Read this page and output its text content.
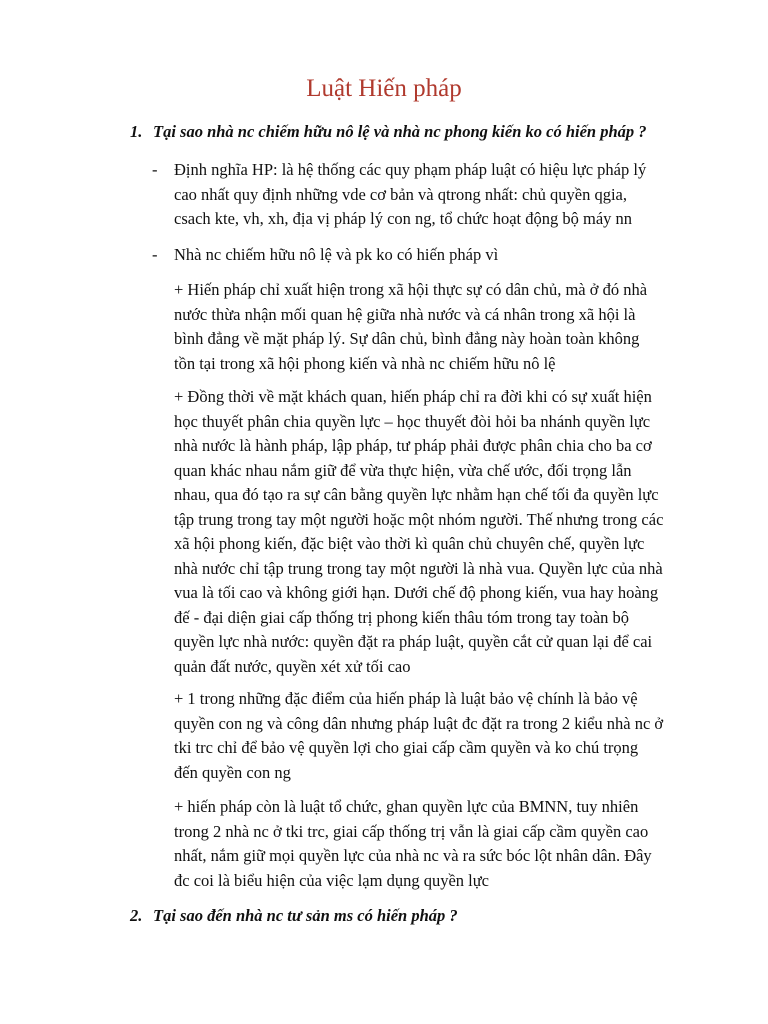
Luật Hiến pháp
1. Tại sao nhà nc chiếm hữu nô lệ và nhà nc phong kiến ko có hiến pháp ?
- Định nghĩa HP: là hệ thống các quy phạm pháp luật có hiệu lực pháp lý
cao nhất quy định những vde cơ bản và qtrong nhất: chủ quyền qgia,
csach kte, vh, xh, địa vị pháp lý con ng, tổ chức hoạt động bộ máy nn
- Nhà nc chiếm hữu nô lệ và pk ko có hiến pháp vì
+ Hiến pháp chỉ xuất hiện trong xã hội thực sự có dân chủ, mà ở đó nhà
nước thừa nhận mối quan hệ giữa nhà nước và cá nhân trong xã hội là
bình đẳng về mặt pháp lý. Sự dân chủ, bình đẳng này hoàn toàn không
tồn tại trong xã hội phong kiến và nhà nc chiếm hữu nô lệ
+ Đồng thời về mặt khách quan, hiến pháp chỉ ra đời khi có sự xuất hiện
học thuyết phân chia quyền lực – học thuyết đòi hỏi ba nhánh quyền lực
nhà nước là hành pháp, lập pháp, tư pháp phải được phân chia cho ba cơ
quan khác nhau nắm giữ để vừa thực hiện, vừa chế ước, đối trọng lẫn
nhau, qua đó tạo ra sự cân bằng quyền lực nhằm hạn chế tối đa quyền lực
tập trung trong tay một người hoặc một nhóm người. Thế nhưng trong các
xã hội phong kiến, đặc biệt vào thời kì quân chủ chuyên chế, quyền lực
nhà nước chỉ tập trung trong tay một người là nhà vua. Quyền lực của nhà
vua là tối cao và không giới hạn. Dưới chế độ phong kiến, vua hay hoàng
đế - đại diện giai cấp thống trị phong kiến thâu tóm trong tay toàn bộ
quyền lực nhà nước: quyền đặt ra pháp luật, quyền cắt cử quan lại để cai
quản đất nước, quyền xét xử tối cao
+ 1 trong những đặc điểm của hiến pháp là luật bảo vệ chính là bảo vệ
quyền con ng và công dân nhưng pháp luật đc đặt ra trong 2 kiểu nhà nc ở
tki trc chỉ để bảo vệ quyền lợi cho giai cấp cầm quyền và ko chú trọng
đến quyền con ng
+ hiến pháp còn là luật tổ chức, ghan quyền lực của BMNN, tuy nhiên
trong 2 nhà nc ở tki trc, giai cấp thống trị vẫn là giai cấp cầm quyền cao
nhất, nắm giữ mọi quyền lực của nhà nc và ra sức bóc lột nhân dân. Đây
đc coi là biểu hiện của việc lạm dụng quyền lực
2. Tại sao đến nhà nc tư sản ms có hiến pháp ?
